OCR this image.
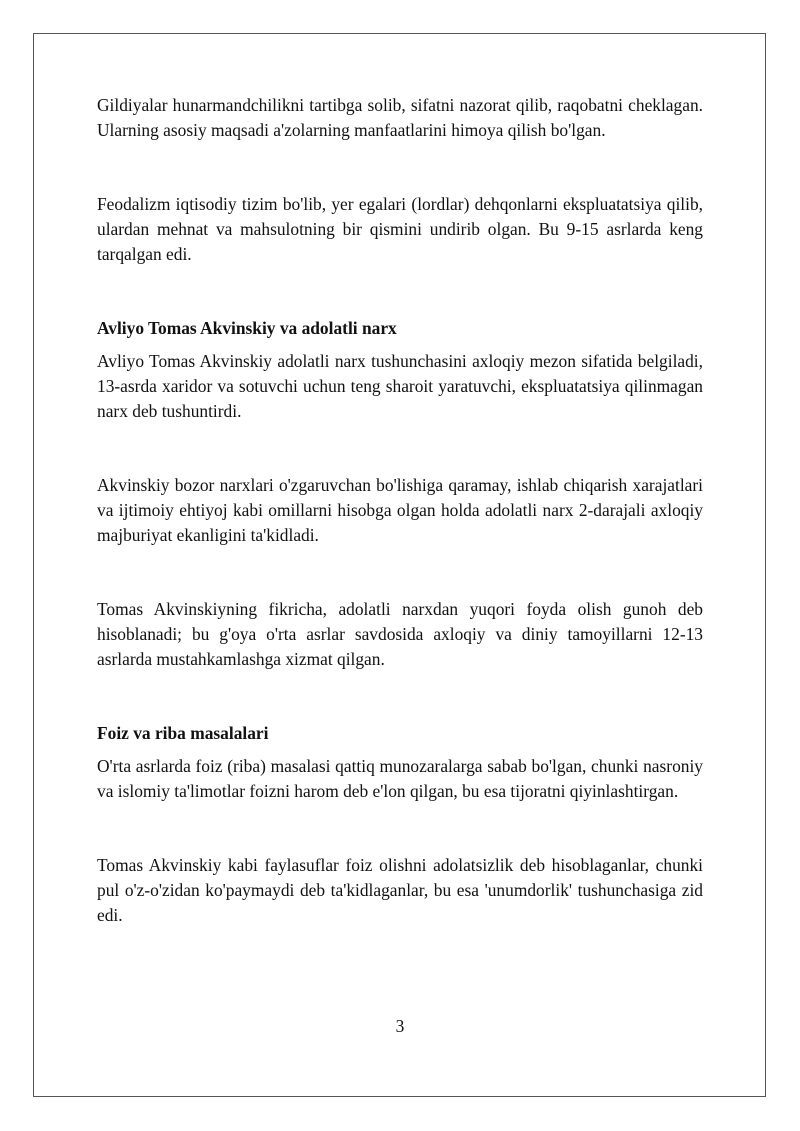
Gildiyalar hunarmandchilikni tartibga solib, sifatni nazorat qilib, raqobatni cheklagan. Ularning asosiy maqsadi a'zolarning manfaatlarini himoya qilish bo'lgan.

Feodalizm iqtisodiy tizim bo'lib, yer egalari (lordlar) dehqonlarni ekspluatatsiya qilib, ulardan mehnat va mahsulotning bir qismini undirib olgan. Bu 9-15 asrlarda keng tarqalgan edi.

Avliyo Tomas Akvinskiy va adolatli narx

Avliyo Tomas Akvinskiy adolatli narx tushunchasini axloqiy mezon sifatida belgiladi, 13-asrda xaridor va sotuvchi uchun teng sharoit yaratuvchi, ekspluatatsiya qilinmagan narx deb tushuntirdi.

Akvinskiy bozor narxlari o'zgaruvchan bo'lishiga qaramay, ishlab chiqarish xarajatlari va ijtimoiy ehtiyoj kabi omillarni hisobga olgan holda adolatli narx 2-darajali axloqiy majburiyat ekanligini ta'kidladi.

Tomas Akvinskiyning fikricha, adolatli narxdan yuqori foyda olish gunoh deb hisoblanadi; bu g'oya o'rta asrlar savdosida axloqiy va diniy tamoyillarni 12-13 asrlarda mustahkamlashga xizmat qilgan.

Foiz va riba masalalari

O'rta asrlarda foiz (riba) masalasi qattiq munozaralarga sabab bo'lgan, chunki nasroniy va islomiy ta'limotlar foizni harom deb e'lon qilgan, bu esa tijoratni qiyinlashtirgan.

Tomas Akvinskiy kabi faylasuflar foiz olishni adolatsizlik deb hisoblaganlar, chunki pul o'z-o'zidan ko'paymaydi deb ta'kidlaganlar, bu esa 'unumdorlik' tushunchasiga zid edi.

3
